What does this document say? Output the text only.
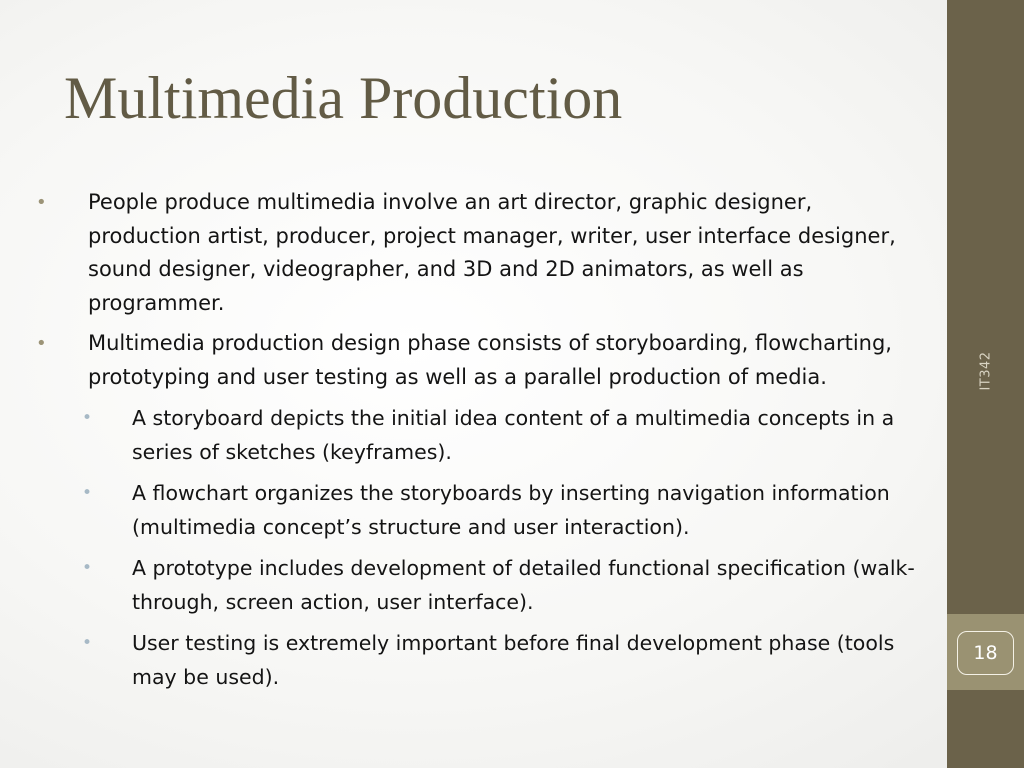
Multimedia Production
• People produce multimedia involve an art director, graphic designer, production artist, producer, project manager, writer, user interface designer, sound designer, videographer, and 3D and 2D animators, as well as programmer.
• Multimedia production design phase consists of storyboarding, flowcharting, prototyping and user testing as well as a parallel production of media.
• A storyboard depicts the initial idea content of a multimedia concepts in a series of sketches (keyframes).
• A flowchart organizes the storyboards by inserting navigation information (multimedia concept’s structure and user interaction).
• A prototype includes development of detailed functional specification (walk-through, screen action, user interface).
• User testing is extremely important before final development phase (tools may be used).
IT342
18
